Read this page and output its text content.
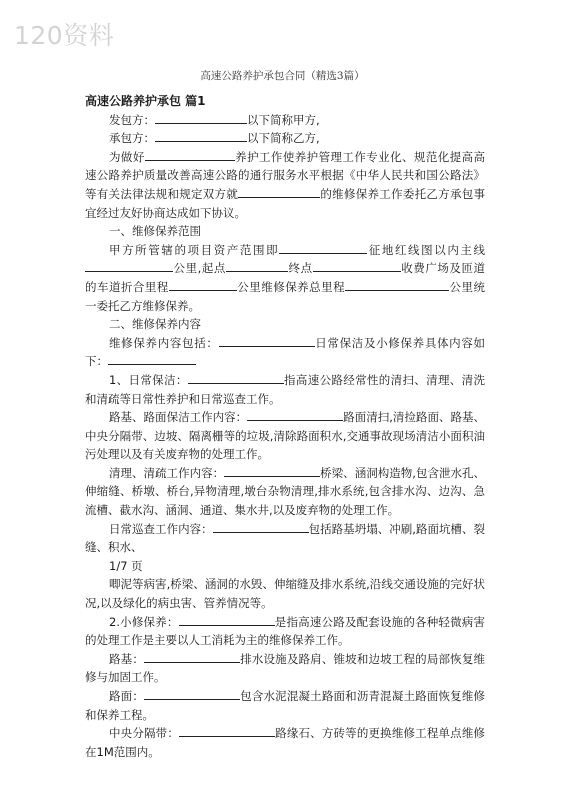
120资料
高速公路养护承包合同（精选3篇）

高速公路养护承包 篇1

发包方：	以下简称甲方,

承包方：	以下简称乙方,

为做好	养护工作使养护管理工作专业化、规范化提高高速公路养护质量改善高速公路的通行服务水平根据《中华人民共和国公路法》等有关法律法规和规定双方就	的维修保养工作委托乙方承包事宜经过友好协商达成如下协议。

一、维修保养范围

甲方所管辖的项目资产范围即	征地红线图以内主线公里,起点	终点	收费广场及匝道的车道折合里程	公里维修保养总里程	公里统一委托乙方维修保养。

二、维修保养内容

维修保养内容包括：	日常保洁及小修保养具体内容如下：

1、日常保洁：	指高速公路经常性的清扫、清理、清洗和清疏等日常性养护和日常巡查工作。

路基、路面保洁工作内容：	路面清扫,清捡路面、路基、中央分隔带、边坡、隔离栅等的垃圾,清除路面积水,交通事故现场清洁小面积油污处理以及有关废弃物的处理工作。

清理、清疏工作内容：	桥梁、涵洞构造物,包含泄水孔、伸缩缝、桥墩、桥台,异物清理,墩台杂物清理,排水系统,包含排水沟、边沟、急流槽、截水沟、涵洞、通道、集水井,以及废弃物的处理工作。

日常巡查工作内容：	包括路基坍塌、冲刷,路面坑槽、裂缝、积水、

1/7 页

唧泥等病害,桥梁、涵洞的水毁、伸缩缝及排水系统,沿线交通设施的完好状况,以及绿化的病虫害、管养情况等。

2.小修保养：	是指高速公路及配套设施的各种轻微病害的处理工作是主要以人工消耗为主的维修保养工作。

路基：	排水设施及路肩、锥坡和边坡工程的局部恢复维修与加固工作。

路面：	包含水泥混凝土路面和沥青混凝土路面恢复维修和保养工程。

中央分隔带：	路缘石、方砖等的更换维修工程单点维修在1M范围内。
